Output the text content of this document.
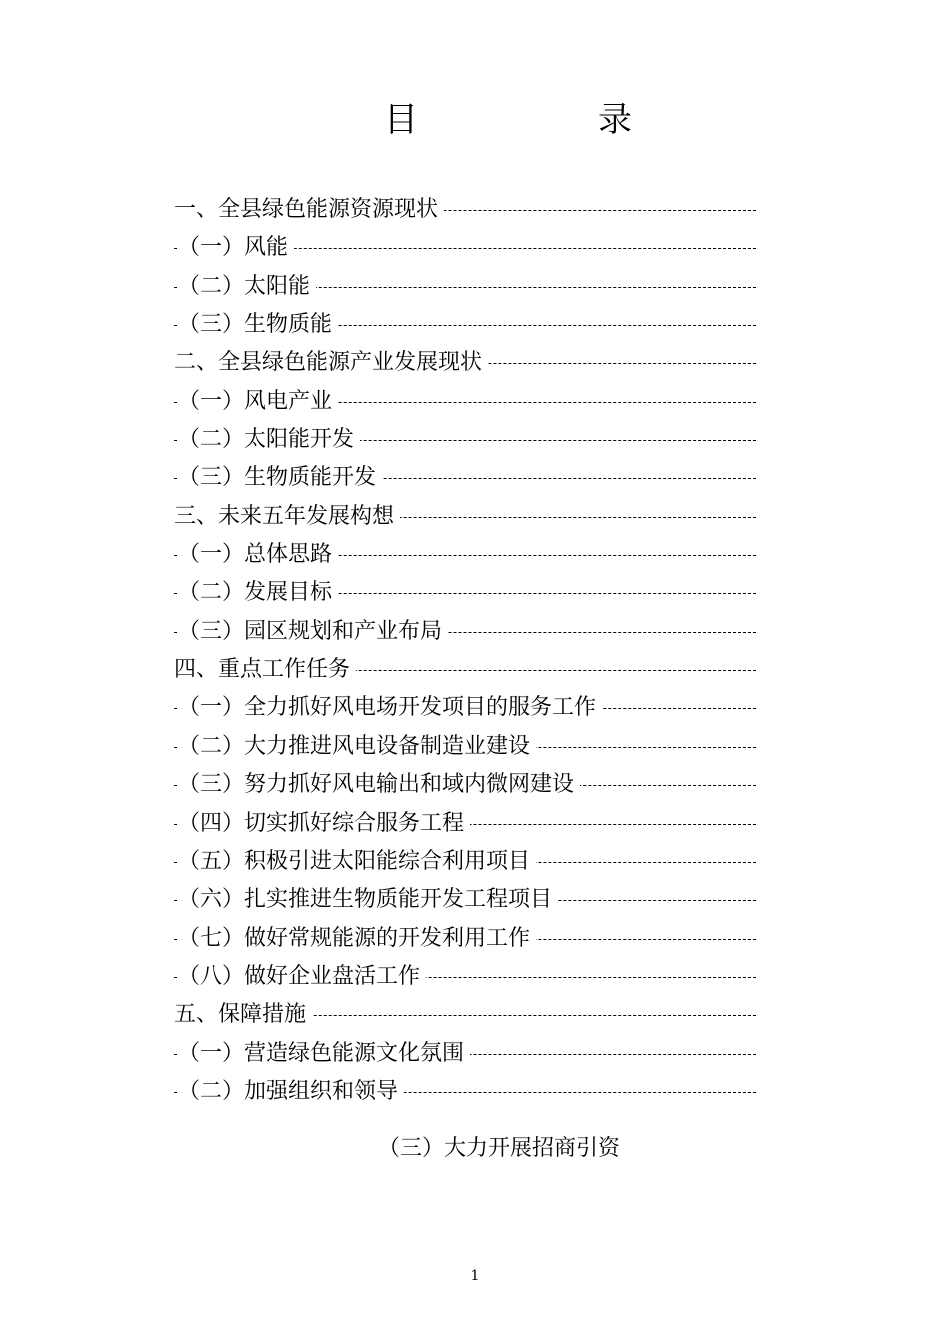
目	录
一、全县绿色能源资源现状
（一）风能
（二）太阳能
（三）生物质能
二、全县绿色能源产业发展现状
（一）风电产业
（二）太阳能开发
（三）生物质能开发
三、未来五年发展构想
（一）总体思路
（二）发展目标
（三）园区规划和产业布局
四、重点工作任务
（一）全力抓好风电场开发项目的服务工作
（二）大力推进风电设备制造业建设
（三）努力抓好风电输出和域内微网建设
（四）切实抓好综合服务工程
（五）积极引进太阳能综合利用项目
（六）扎实推进生物质能开发工程项目
（七）做好常规能源的开发利用工作
（八）做好企业盘活工作
五、保障措施
（一）营造绿色能源文化氛围
（二）加强组织和领导
（三）大力开展招商引资
1
